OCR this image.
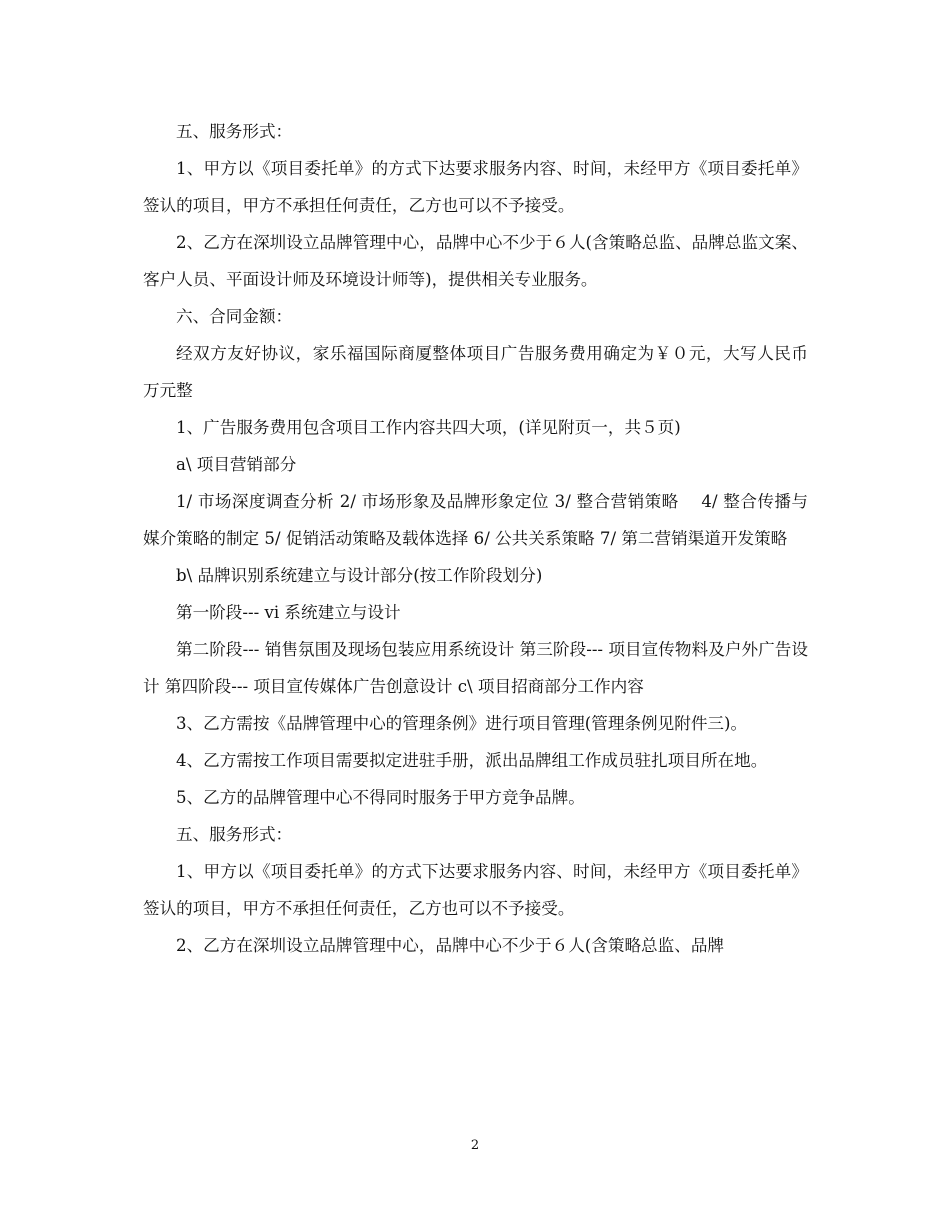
五、服务形式：

1、甲方以《项目委托单》的方式下达要求服务内容、时间，未经甲方《项目委托单》签认的项目，甲方不承担任何责任，乙方也可以不予接受。

2、乙方在深圳设立品牌管理中心，品牌中心不少于６人(含策略总监、品牌总监文案、客户人员、平面设计师及环境设计师等)，提供相关专业服务。

六、合同金额：

经双方友好协议，家乐福国际商厦整体项目广告服务费用确定为￥０元，大写人民币 万元整

1、广告服务费用包含项目工作内容共四大项，(详见附页一，共５页)

a\ 项目营销部分

1/ 市场深度调查分析 2/ 市场形象及品牌形象定位 3/ 整合营销策略　 4/ 整合传播与媒介策略的制定 5/ 促销活动策略及载体选择 6/ 公共关系策略 7/ 第二营销渠道开发策略

b\ 品牌识别系统建立与设计部分(按工作阶段划分)

第一阶段--- vi 系统建立与设计

第二阶段--- 销售氛围及现场包装应用系统设计 第三阶段--- 项目宣传物料及户外广告设计 第四阶段--- 项目宣传媒体广告创意设计 c\ 项目招商部分工作内容

3、乙方需按《品牌管理中心的管理条例》进行项目管理(管理条例见附件三)。

4、乙方需按工作项目需要拟定进驻手册，派出品牌组工作成员驻扎项目所在地。

5、乙方的品牌管理中心不得同时服务于甲方竞争品牌。

五、服务形式：

1、甲方以《项目委托单》的方式下达要求服务内容、时间，未经甲方《项目委托单》签认的项目，甲方不承担任何责任，乙方也可以不予接受。

2、乙方在深圳设立品牌管理中心，品牌中心不少于６人(含策略总监、品牌

2
